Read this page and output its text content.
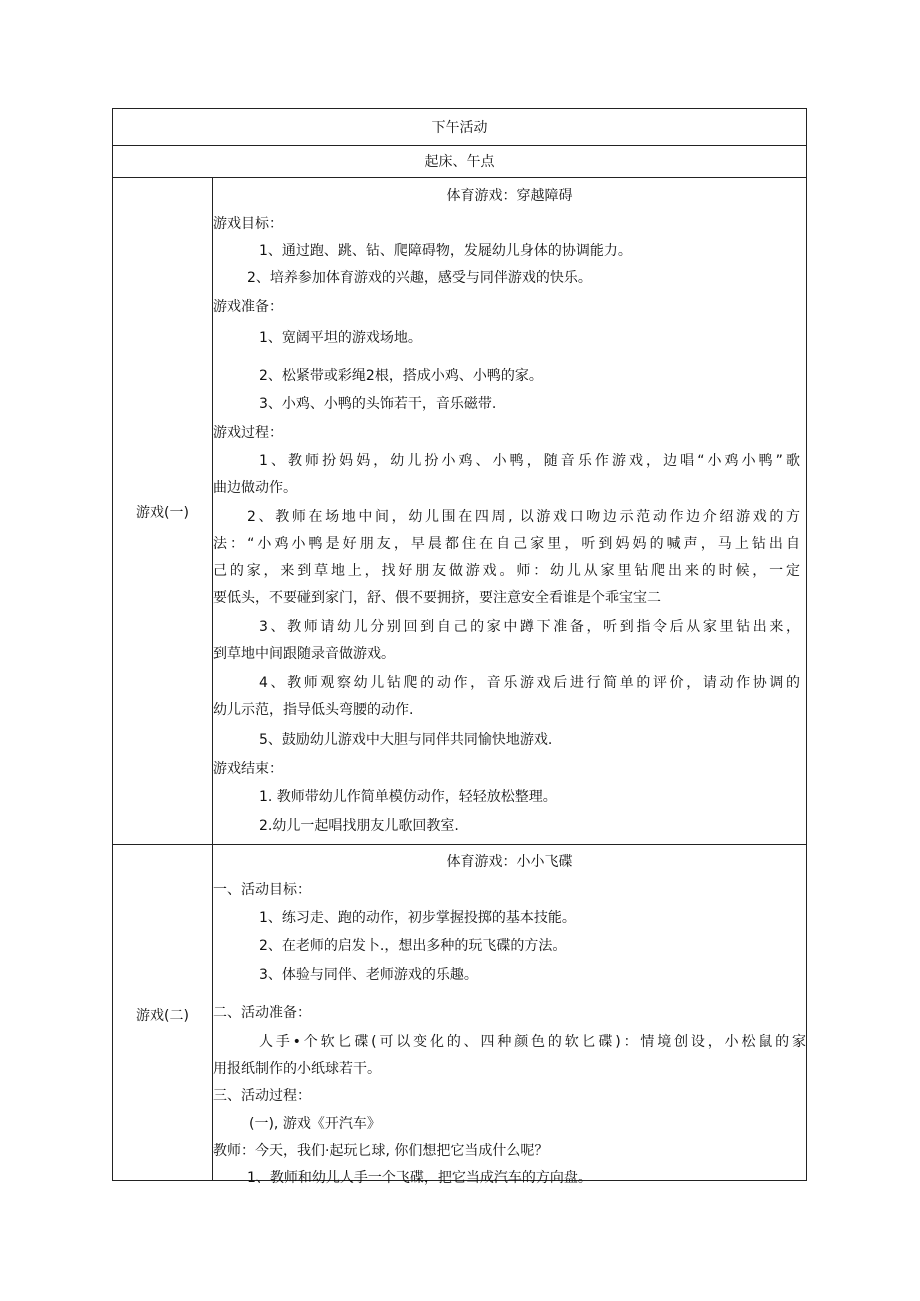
下午活动
起床、午点
游戏(一)
体育游戏：穿越障碍
游戏目标：
1、通过跑、跳、钻、爬障碍物，发屣幼儿身体的协调能力。
2、培养参加体育游戏的兴趣，感受与同伴游戏的快乐。
游戏准备：
1、宽阔平坦的游戏场地。
2、松紧带或彩绳2根，搭成小鸡、小鸭的家。
3、小鸡、小鸭的头饰若干，音乐磁带.
游戏过程：
1、教师扮妈妈，幼儿扮小鸡、小鸭，随音乐作游戏，边唱“小鸡小鸭”歌
曲边做动作。
2、教师在场地中间，幼儿围在四周, 以游戏口吻边示范动作边介绍游戏的方
法：“小鸡小鸭是好朋友，早晨都住在自己家里，听到妈妈的喊声，马上钻出自
己的家，来到草地上，找好朋友做游戏。师：幼儿从家里钻爬出来的时候，一定
要低头，不要碰到家门，舒、偎不要拥挤，要注意安全看谁是个乖宝宝二
3、教师请幼儿分别回到自己的家中蹲下准备，听到指令后从家里钻出来，
到草地中间跟随录音做游戏。
4、教师观察幼儿钻爬的动作，音乐游戏后进行简单的评价，请动作协调的
幼儿示范，指导低头弯腰的动作.
5、鼓励幼儿游戏中大胆与同伴共同愉快地游戏.
游戏结束：
1. 教师带幼儿作简单模仿动作，轻轻放松整理。
2.幼儿一起唱找朋友儿歌回教室.
游戏(二)
体育游戏：小小飞碟
一、活动目标：
1、练习走、跑的动作，初步掌握投掷的基本技能。
2、在老师的启发卜.，想出多种的玩飞碟的方法。
3、体验与同伴、老师游戏的乐趣。
二、活动准备：
人手•个软匕碟(可以变化的、四种颜色的软匕碟)：情境创设，小松鼠的家
用报纸制作的小纸球若干。
三、活动过程：
(一), 游戏《开汽车》
教师：今天，我们·起玩匕球, 你们想把它当成什么呢？
1、教师和幼儿人手一个飞碟，把它当成汽车的方向盘。
